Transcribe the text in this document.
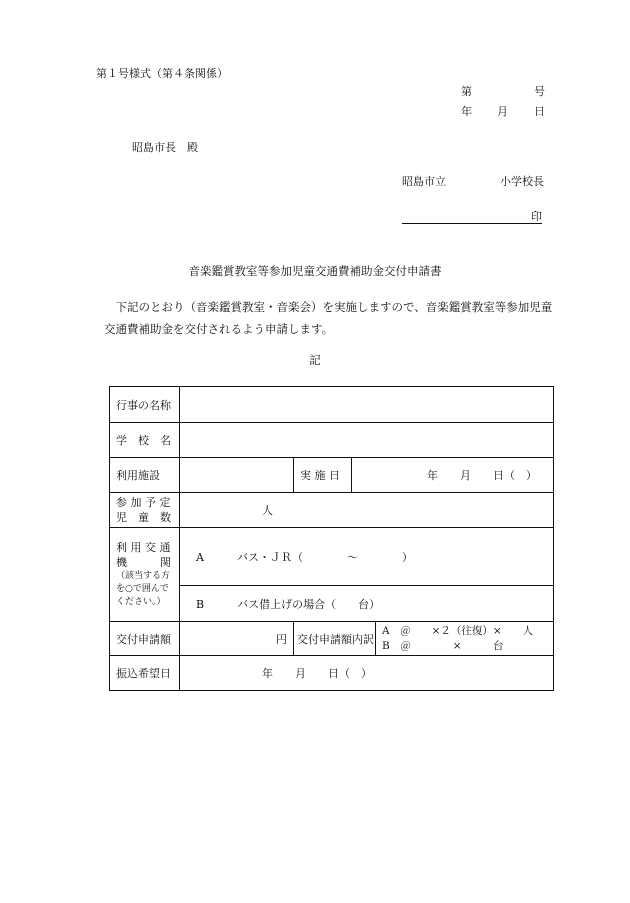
第１号様式（第４条関係）
第	号
年 月 日
昭島市長　殿
昭島市立	小学校長
印
音楽鑑賞教室等参加児童交通費補助金交付申請書
下記のとおり（音楽鑑賞教室・音楽会）を実施しますので、音楽鑑賞教室等参加児童交通費補助金を交付されるよう申請します。
記
行事の名称				
学　校　名				
利用施設		実 施 日	年　　月　　日（　）	

参 加 予 定
児　童　数	人			

利 用 交 通
機　　　関
（該当する方
を○で囲んで
ください。）	A　　　バス・ＪＲ（　　　　～　　　　）			
	B　　　バス借上げの場合（　　台）			
交付申請額	円	交付申請額内訳		A　＠　　×２（往復）×　　人
B　＠　　　　×　　　台

振込希望日	年　　月　　日（　）			
